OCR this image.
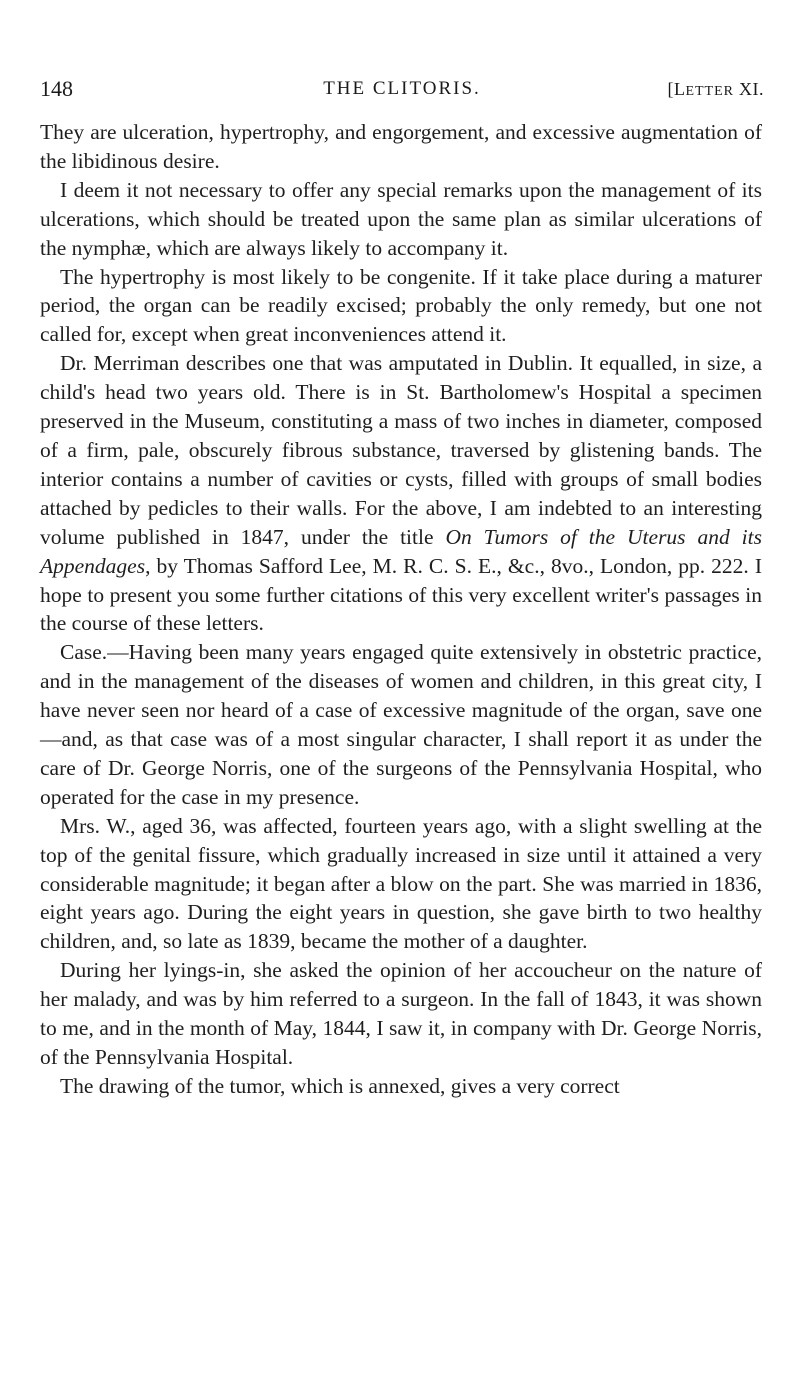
148	THE CLITORIS.	[LETTER XI.

They are ulceration, hypertrophy, and engorgement, and excessive augmentation of the libidinous desire.

I deem it not necessary to offer any special remarks upon the management of its ulcerations, which should be treated upon the same plan as similar ulcerations of the nymphæ, which are always likely to accompany it.

The hypertrophy is most likely to be congenite. If it take place during a maturer period, the organ can be readily excised; probably the only remedy, but one not called for, except when great inconveniences attend it.

Dr. Merriman describes one that was amputated in Dublin. It equalled, in size, a child's head two years old. There is in St. Bartholomew's Hospital a specimen preserved in the Museum, constituting a mass of two inches in diameter, composed of a firm, pale, obscurely fibrous substance, traversed by glistening bands. The interior contains a number of cavities or cysts, filled with groups of small bodies attached by pedicles to their walls. For the above, I am indebted to an interesting volume published in 1847, under the title On Tumors of the Uterus and its Appendages, by Thomas Safford Lee, M. R. C. S. E., &c., 8vo., London, pp. 222. I hope to present you some further citations of this very excellent writer's passages in the course of these letters.

Case.—Having been many years engaged quite extensively in obstetric practice, and in the management of the diseases of women and children, in this great city, I have never seen nor heard of a case of excessive magnitude of the organ, save one—and, as that case was of a most singular character, I shall report it as under the care of Dr. George Norris, one of the surgeons of the Pennsylvania Hospital, who operated for the case in my presence.

Mrs. W., aged 36, was affected, fourteen years ago, with a slight swelling at the top of the genital fissure, which gradually increased in size until it attained a very considerable magnitude; it began after a blow on the part. She was married in 1836, eight years ago. During the eight years in question, she gave birth to two healthy children, and, so late as 1839, became the mother of a daughter.

During her lyings-in, she asked the opinion of her accoucheur on the nature of her malady, and was by him referred to a surgeon. In the fall of 1843, it was shown to me, and in the month of May, 1844, I saw it, in company with Dr. George Norris, of the Pennsylvania Hospital.

The drawing of the tumor, which is annexed, gives a very correct
